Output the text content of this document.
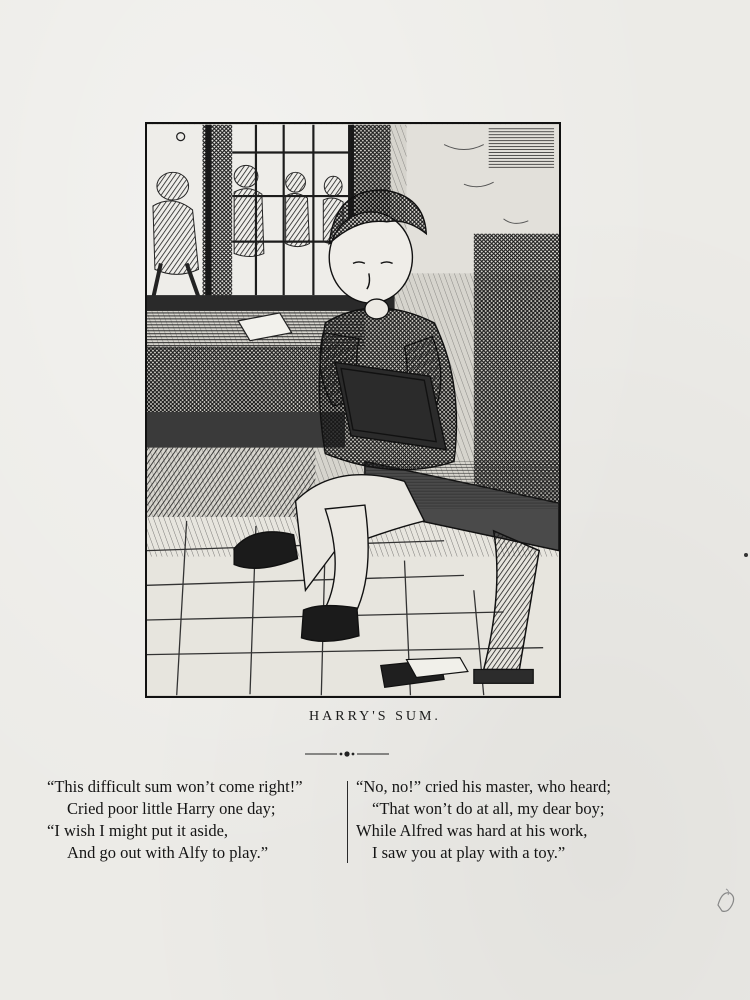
HARRY'S SUM.
“This difficult sum won’t come right!”
Cried poor little Harry one day;
“I wish I might put it aside,
And go out with Alfy to play.”
“No, no!” cried his master, who heard;
“That won’t do at all, my dear boy;
While Alfred was hard at his work,
I saw you at play with a toy.”
